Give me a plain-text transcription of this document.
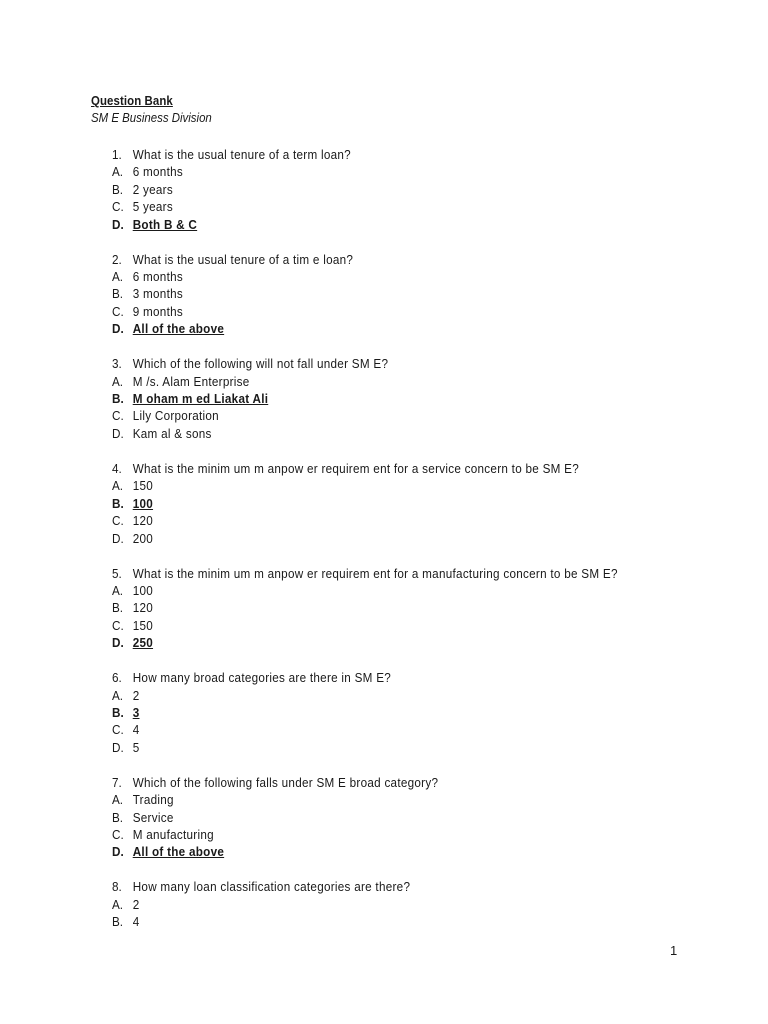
Question Bank
SM E Business Division
1. What is the usual tenure of a term loan?
A. 6 months
B. 2 years
C. 5 years
D. Both B & C
2. What is the usual tenure of a tim e loan?
A. 6 months
B. 3 months
C. 9 months
D. All of the above
3. Which of the following will not fall under SM E?
A. M /s. Alam Enterprise
B. M oham m ed Liakat Ali
C. Lily Corporation
D. Kam al & sons
4. What is the minim um m anpow er requirem ent for a service concern to be SM E?
A. 150
B. 100
C. 120
D. 200
5. What is the minim um m anpow er requirem ent for a manufacturing concern to be SM E?
A. 100
B. 120
C. 150
D. 250
6. How many broad categories are there in SM E?
A. 2
B. 3
C. 4
D. 5
7. Which of the following falls under SM E broad category?
A. Trading
B. Service
C. M anufacturing
D. All of the above
8. How many loan classification categories are there?
A. 2
B. 4
1
